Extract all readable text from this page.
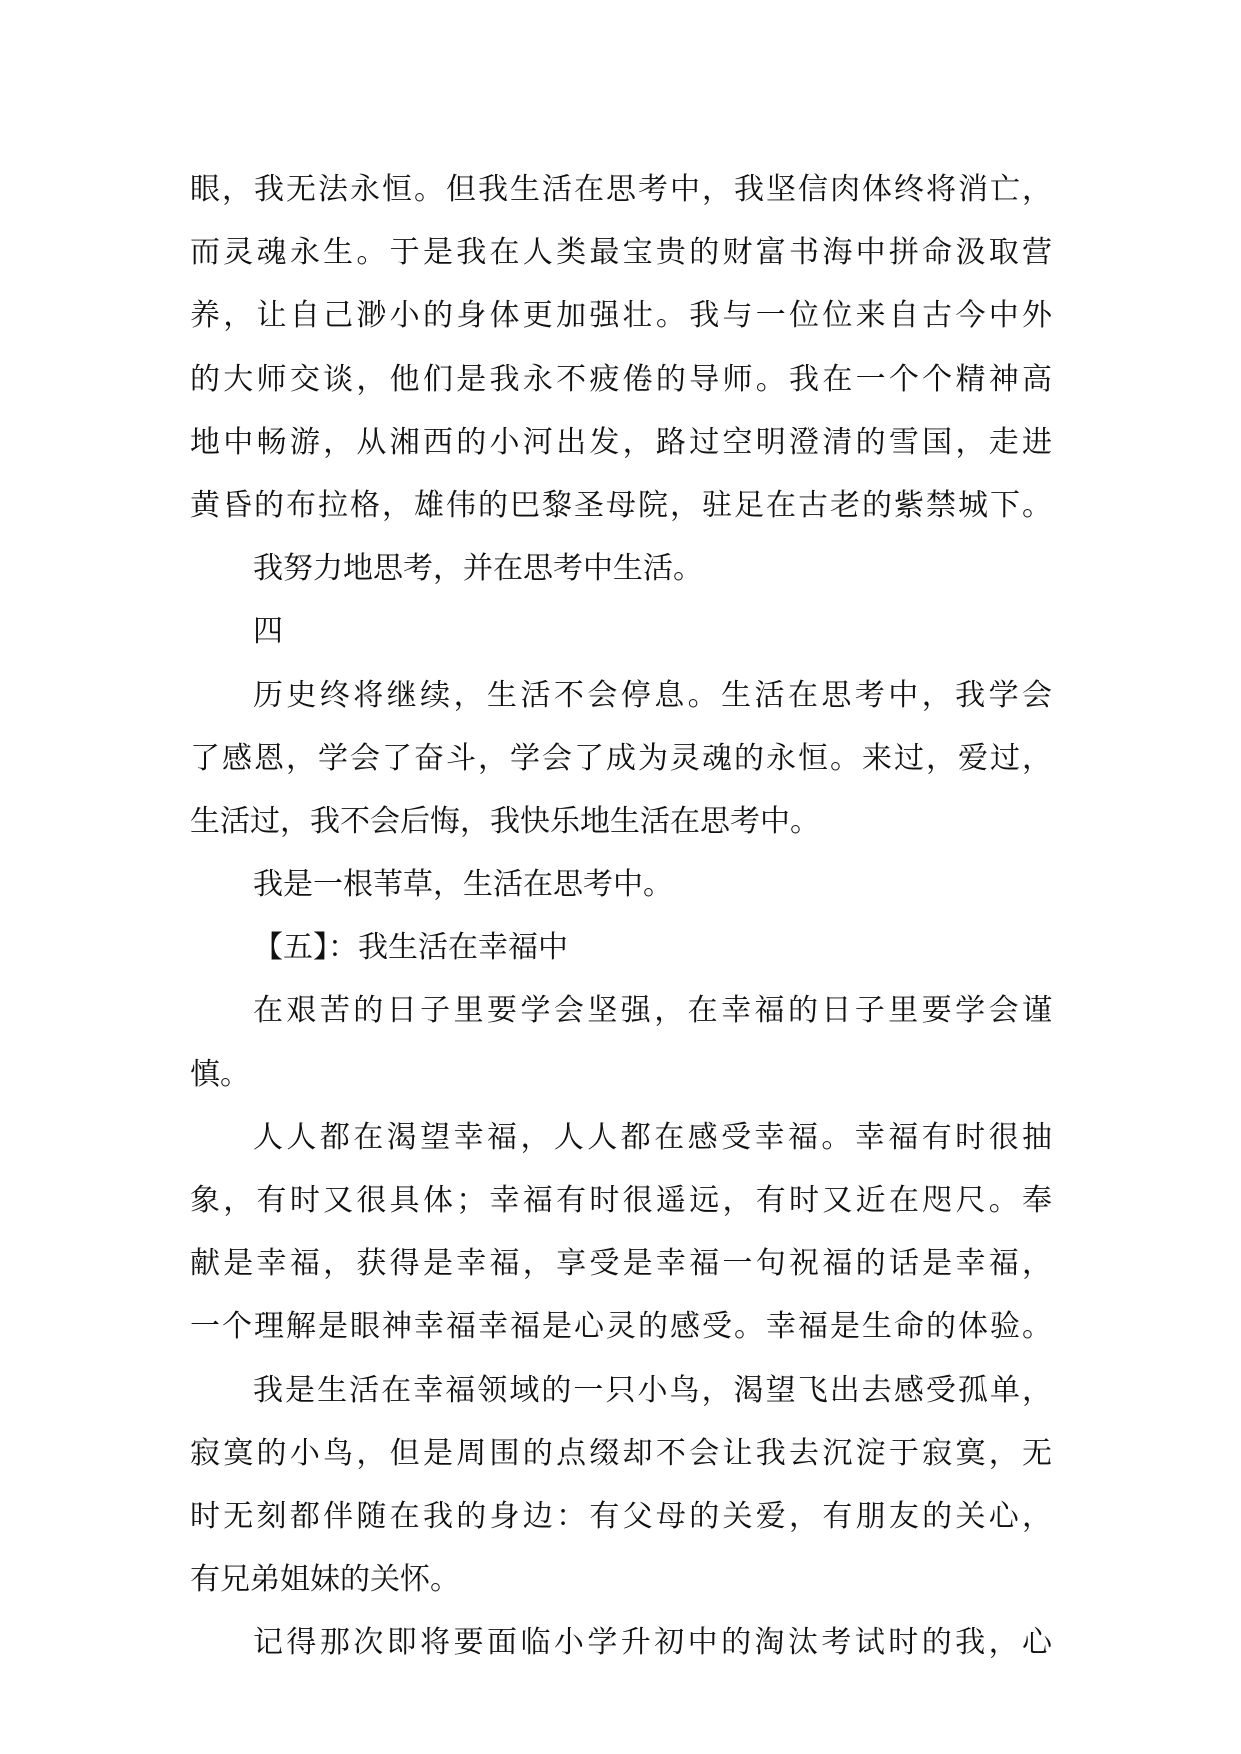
眼，我无法永恒。但我生活在思考中，我坚信肉体终将消亡，
而灵魂永生。于是我在人类最宝贵的财富书海中拼命汲取营
养，让自己渺小的身体更加强壮。我与一位位来自古今中外
的大师交谈，他们是我永不疲倦的导师。我在一个个精神高
地中畅游，从湘西的小河出发，路过空明澄清的雪国，走进
黄昏的布拉格，雄伟的巴黎圣母院，驻足在古老的紫禁城下。
我努力地思考，并在思考中生活。
四
历史终将继续，生活不会停息。生活在思考中，我学会
了感恩，学会了奋斗，学会了成为灵魂的永恒。来过，爱过，
生活过，我不会后悔，我快乐地生活在思考中。
我是一根苇草，生活在思考中。
【五】：我生活在幸福中
在艰苦的日子里要学会坚强，在幸福的日子里要学会谨
慎。
人人都在渴望幸福，人人都在感受幸福。幸福有时很抽
象，有时又很具体；幸福有时很遥远，有时又近在咫尺。奉
献是幸福，获得是幸福，享受是幸福一句祝福的话是幸福，
一个理解是眼神幸福幸福是心灵的感受。幸福是生命的体验。
我是生活在幸福领域的一只小鸟，渴望飞出去感受孤单，
寂寞的小鸟，但是周围的点缀却不会让我去沉淀于寂寞，无
时无刻都伴随在我的身边：有父母的关爱，有朋友的关心，
有兄弟姐妹的关怀。
记得那次即将要面临小学升初中的淘汰考试时的我，心
